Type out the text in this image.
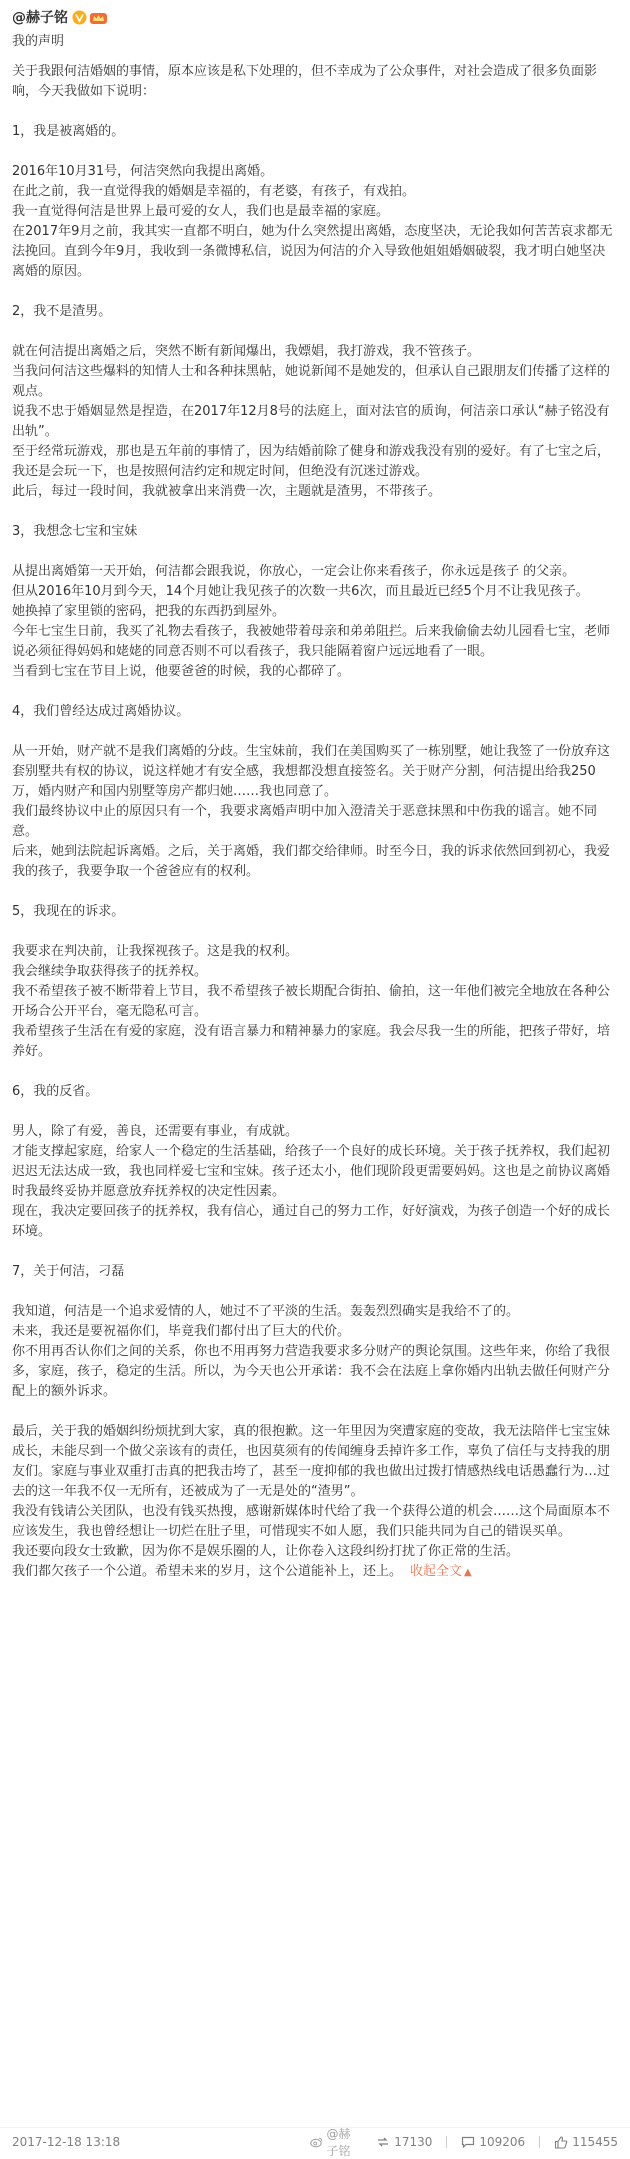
@赫子铭

我的声明

关于我跟何洁婚姻的事情，原本应该是私下处理的，但不幸成为了公众事件，对社会造成了很多负面影响，今天我做如下说明：

1，我是被离婚的。

2016年10月31号，何洁突然向我提出离婚。

在此之前，我一直觉得我的婚姻是幸福的，有老婆，有孩子，有戏拍。

我一直觉得何洁是世界上最可爱的女人，我们也是最幸福的家庭。

在2017年9月之前，我其实一直都不明白，她为什么突然提出离婚，态度坚决，无论我如何苦苦哀求都无法挽回。直到今年9月，我收到一条微博私信，说因为何洁的介入导致他姐姐婚姻破裂，我才明白她坚决离婚的原因。

2，我不是渣男。

就在何洁提出离婚之后，突然不断有新闻爆出，我嫖娼，我打游戏，我不管孩子。

当我问何洁这些爆料的知情人士和各种抹黑帖，她说新闻不是她发的，但承认自己跟朋友们传播了这样的观点。

说我不忠于婚姻显然是捏造，在2017年12月8号的法庭上，面对法官的质询，何洁亲口承认“赫子铭没有出轨”。

至于经常玩游戏，那也是五年前的事情了，因为结婚前除了健身和游戏我没有别的爱好。有了七宝之后，我还是会玩一下，也是按照何洁约定和规定时间，但绝没有沉迷过游戏。

此后，每过一段时间，我就被拿出来消费一次，主题就是渣男，不带孩子。

3，我想念七宝和宝妹

从提出离婚第一天开始，何洁都会跟我说，你放心，一定会让你来看孩子，你永远是孩子 的父亲。

但从2016年10月到今天，14个月她让我见孩子的次数一共6次，而且最近已经5个月不让我见孩子。

她换掉了家里锁的密码，把我的东西扔到屋外。

今年七宝生日前，我买了礼物去看孩子，我被她带着母亲和弟弟阻拦。后来我偷偷去幼儿园看七宝，老师说必须征得妈妈和姥姥的同意否则不可以看孩子，我只能隔着窗户远远地看了一眼。

当看到七宝在节目上说，他要爸爸的时候，我的心都碎了。

4，我们曾经达成过离婚协议。

从一开始，财产就不是我们离婚的分歧。生宝妹前，我们在美国购买了一栋别墅，她让我签了一份放弃这套别墅共有权的协议，说这样她才有安全感，我想都没想直接签名。关于财产分割，何洁提出给我250万，婚内财产和国内别墅等房产都归她……我也同意了。

我们最终协议中止的原因只有一个，我要求离婚声明中加入澄清关于恶意抹黑和中伤我的谣言。她不同意。

后来，她到法院起诉离婚。之后，关于离婚，我们都交给律师。时至今日，我的诉求依然回到初心，我爱我的孩子，我要争取一个爸爸应有的权利。

5，我现在的诉求。

我要求在判决前，让我探视孩子。这是我的权利。

我会继续争取获得孩子的抚养权。

我不希望孩子被不断带着上节目，我不希望孩子被长期配合街拍、偷拍，这一年他们被完全地放在各种公开场合公开平台，毫无隐私可言。

我希望孩子生活在有爱的家庭，没有语言暴力和精神暴力的家庭。我会尽我一生的所能，把孩子带好，培养好。

6，我的反省。

男人，除了有爱，善良，还需要有事业，有成就。

才能支撑起家庭，给家人一个稳定的生活基础，给孩子一个良好的成长环境。关于孩子抚养权，我们起初迟迟无法达成一致，我也同样爱七宝和宝妹。孩子还太小，他们现阶段更需要妈妈。这也是之前协议离婚时我最终妥协并愿意放弃抚养权的决定性因素。

现在，我决定要回孩子的抚养权，我有信心，通过自己的努力工作，好好演戏，为孩子创造一个好的成长环境。

7，关于何洁，刁磊

我知道，何洁是一个追求爱情的人，她过不了平淡的生活。轰轰烈烈确实是我给不了的。

未来，我还是要祝福你们，毕竟我们都付出了巨大的代价。

你不用再否认你们之间的关系，你也不用再努力营造我要求多分财产的舆论氛围。这些年来，你给了我很多，家庭，孩子，稳定的生活。所以，为今天也公开承诺：我不会在法庭上拿你婚内出轨去做任何财产分配上的额外诉求。

最后，关于我的婚姻纠纷烦扰到大家，真的很抱歉。这一年里因为突遭家庭的变故，我无法陪伴七宝宝妹成长，未能尽到一个做父亲该有的责任，也因莫须有的传闻缠身丢掉许多工作，辜负了信任与支持我的朋友们。家庭与事业双重打击真的把我击垮了，甚至一度抑郁的我也做出过拨打情感热线电话愚蠢行为…过去的这一年我不仅一无所有，还被成为了一无是处的“渣男”。

我没有钱请公关团队，也没有钱买热搜，感谢新媒体时代给了我一个获得公道的机会……这个局面原本不应该发生，我也曾经想让一切烂在肚子里，可惜现实不如人愿，我们只能共同为自己的错误买单。

我还要向段女士致歉，因为你不是娱乐圈的人，让你卷入这段纠纷打扰了你正常的生活。

我们都欠孩子一个公道。希望未来的岁月，这个公道能补上，还上。 收起全文 ▲

2017-12-18 13:18
@赫子铭
17130	109206	115455
